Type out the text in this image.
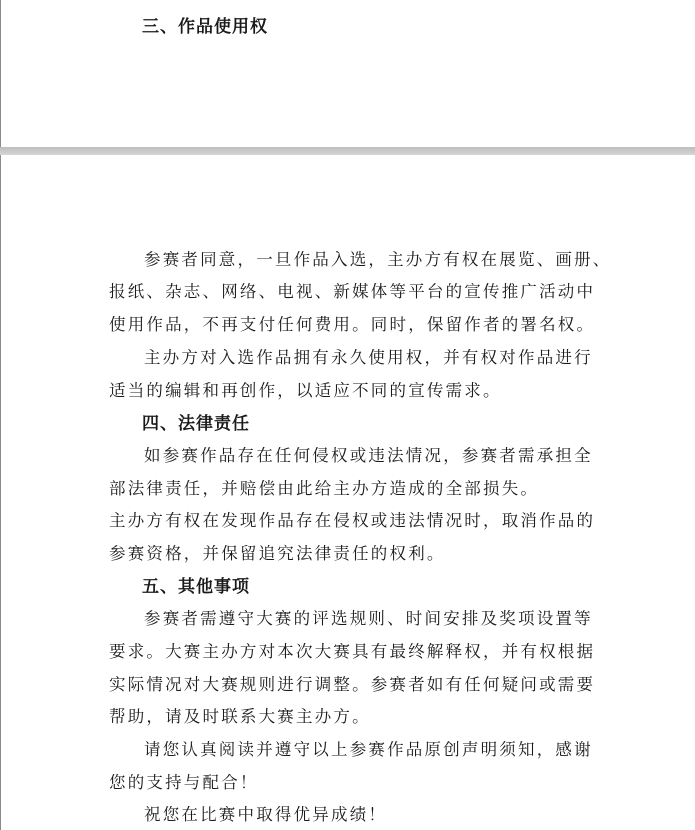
三、作品使用权

参赛者同意，一旦作品入选，主办方有权在展览、画册、

报纸、杂志、网络、电视、新媒体等平台的宣传推广活动中

使用作品，不再支付任何费用。同时，保留作者的署名权。

主办方对入选作品拥有永久使用权，并有权对作品进行

适当的编辑和再创作，以适应不同的宣传需求。

四、法律责任

如参赛作品存在任何侵权或违法情况，参赛者需承担全

部法律责任，并赔偿由此给主办方造成的全部损失。

主办方有权在发现作品存在侵权或违法情况时，取消作品的

参赛资格，并保留追究法律责任的权利。

五、其他事项

参赛者需遵守大赛的评选规则、时间安排及奖项设置等

要求。大赛主办方对本次大赛具有最终解释权，并有权根据

实际情况对大赛规则进行调整。参赛者如有任何疑问或需要

帮助，请及时联系大赛主办方。

请您认真阅读并遵守以上参赛作品原创声明须知，感谢

您的支持与配合！

祝您在比赛中取得优异成绩！
